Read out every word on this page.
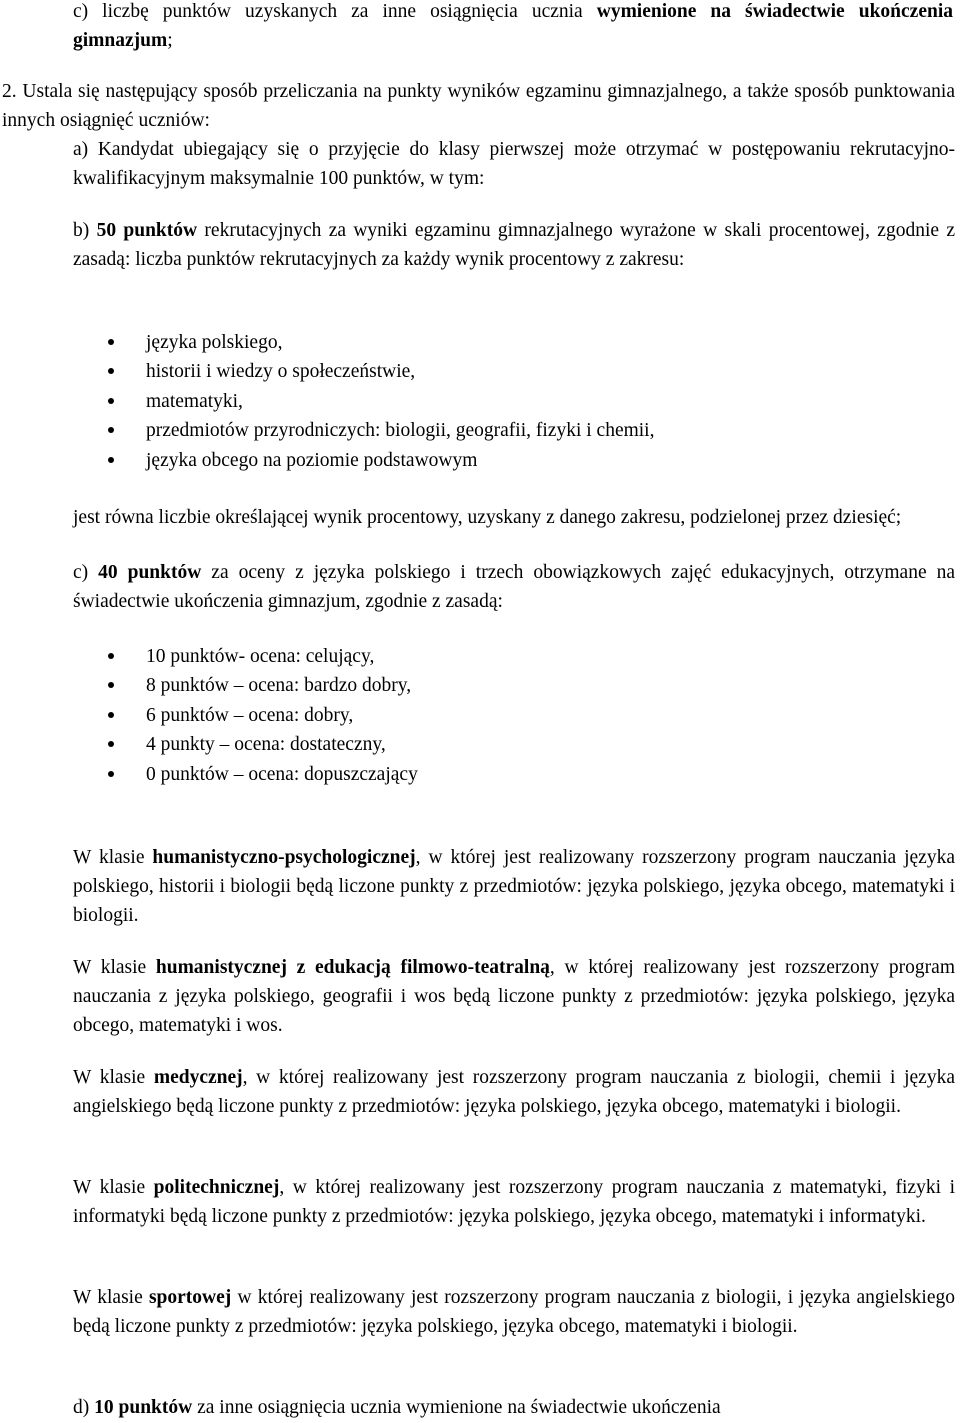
c) liczbę punktów uzyskanych za inne osiągnięcia ucznia wymienione na świadectwie ukończenia gimnazjum;

2. Ustala się następujący sposób przeliczania na punkty wyników egzaminu gimnazjalnego, a także sposób punktowania innych osiągnięć uczniów:

a) Kandydat ubiegający się o przyjęcie do klasy pierwszej może otrzymać w postępowaniu rekrutacyjno-kwalifikacyjnym maksymalnie 100 punktów, w tym:

b) 50 punktów rekrutacyjnych za wyniki egzaminu gimnazjalnego wyrażone w skali procentowej, zgodnie z zasadą: liczba punktów rekrutacyjnych za każdy wynik procentowy z zakresu:

języka polskiego,
historii i wiedzy o społeczeństwie,
matematyki,
przedmiotów przyrodniczych: biologii, geografii, fizyki i chemii,
języka obcego na poziomie podstawowym

jest równa liczbie określającej wynik procentowy, uzyskany z danego zakresu, podzielonej przez dziesięć;

c) 40 punktów za oceny z języka polskiego i trzech obowiązkowych zajęć edukacyjnych, otrzymane na świadectwie ukończenia gimnazjum, zgodnie z zasadą:

10 punktów- ocena: celujący,
8 punktów – ocena: bardzo dobry,
6 punktów – ocena: dobry,
4 punkty – ocena: dostateczny,
0 punktów – ocena: dopuszczający

W klasie humanistyczno-psychologicznej, w której jest realizowany rozszerzony program nauczania języka polskiego, historii i biologii będą liczone punkty z przedmiotów: języka polskiego, języka obcego, matematyki i biologii.

W klasie humanistycznej z edukacją filmowo-teatralną, w której realizowany jest rozszerzony program nauczania z języka polskiego, geografii i wos będą liczone punkty z przedmiotów: języka polskiego, języka obcego, matematyki i wos.

W klasie medycznej, w której realizowany jest rozszerzony program nauczania z biologii, chemii i języka angielskiego będą liczone punkty z przedmiotów: języka polskiego, języka obcego, matematyki i biologii.

W klasie politechnicznej, w której realizowany jest rozszerzony program nauczania z matematyki, fizyki i informatyki będą liczone punkty z przedmiotów: języka polskiego, języka obcego, matematyki i informatyki.

W klasie sportowej w której realizowany jest rozszerzony program nauczania z biologii, i języka angielskiego będą liczone punkty z przedmiotów: języka polskiego, języka obcego, matematyki i biologii.

d) 10 punktów za inne osiągnięcia ucznia wymienione na świadectwie ukończenia
